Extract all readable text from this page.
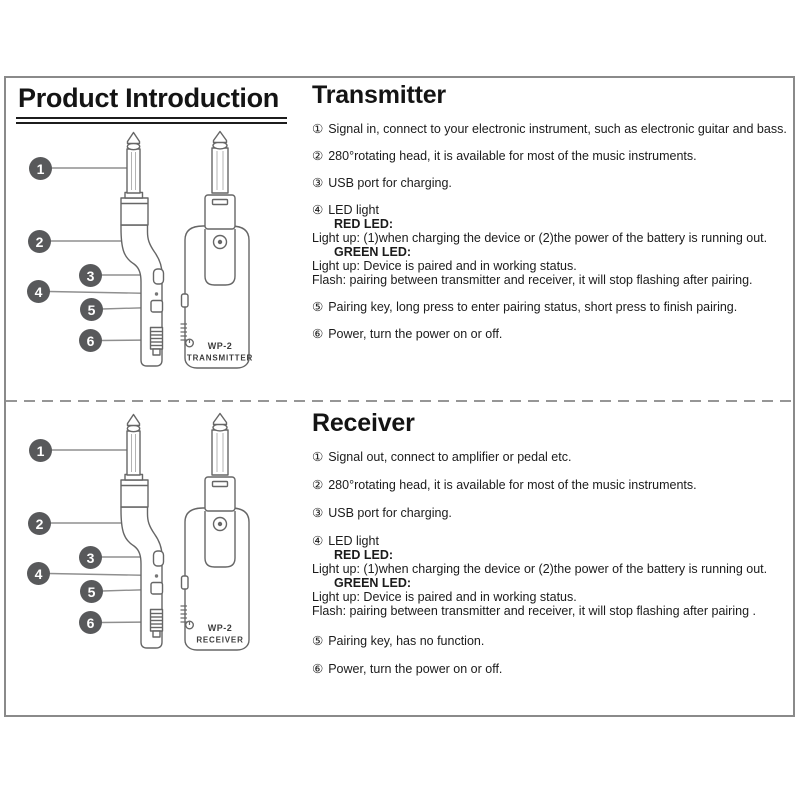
Product Introduction
WP-2
TRANSMITTER
1
2
3
4
5
6
Transmitter

① Signal in, connect to your electronic instrument, such as electronic guitar and bass.

② 280°rotating head, it is available for most of the music instruments.

③ USB port for charging.

④ LED light

RED LED:

Light up: (1)when charging the device or (2)the power of the battery is running out.

GREEN LED:

Light up: Device is paired and in working status.

Flash: pairing between transmitter and receiver, it will stop flashing after pairing.

⑤ Pairing key, long press to enter pairing status, short press to finish pairing.

⑥ Power, turn the power on or off.

WP-2
RECEIVER
1
2
3
4
5
6
Receiver

① Signal out, connect to amplifier or pedal etc.

② 280°rotating head, it is available for most of the music instruments.

③ USB port for charging.

④ LED light

RED LED:

Light up: (1)when charging the device or (2)the power of the battery is running out.

GREEN LED:

Light up: Device is paired and in working status.

Flash: pairing between transmitter and receiver, it will stop flashing after pairing .

⑤ Pairing key, has no function.

⑥ Power, turn the power on or off.
